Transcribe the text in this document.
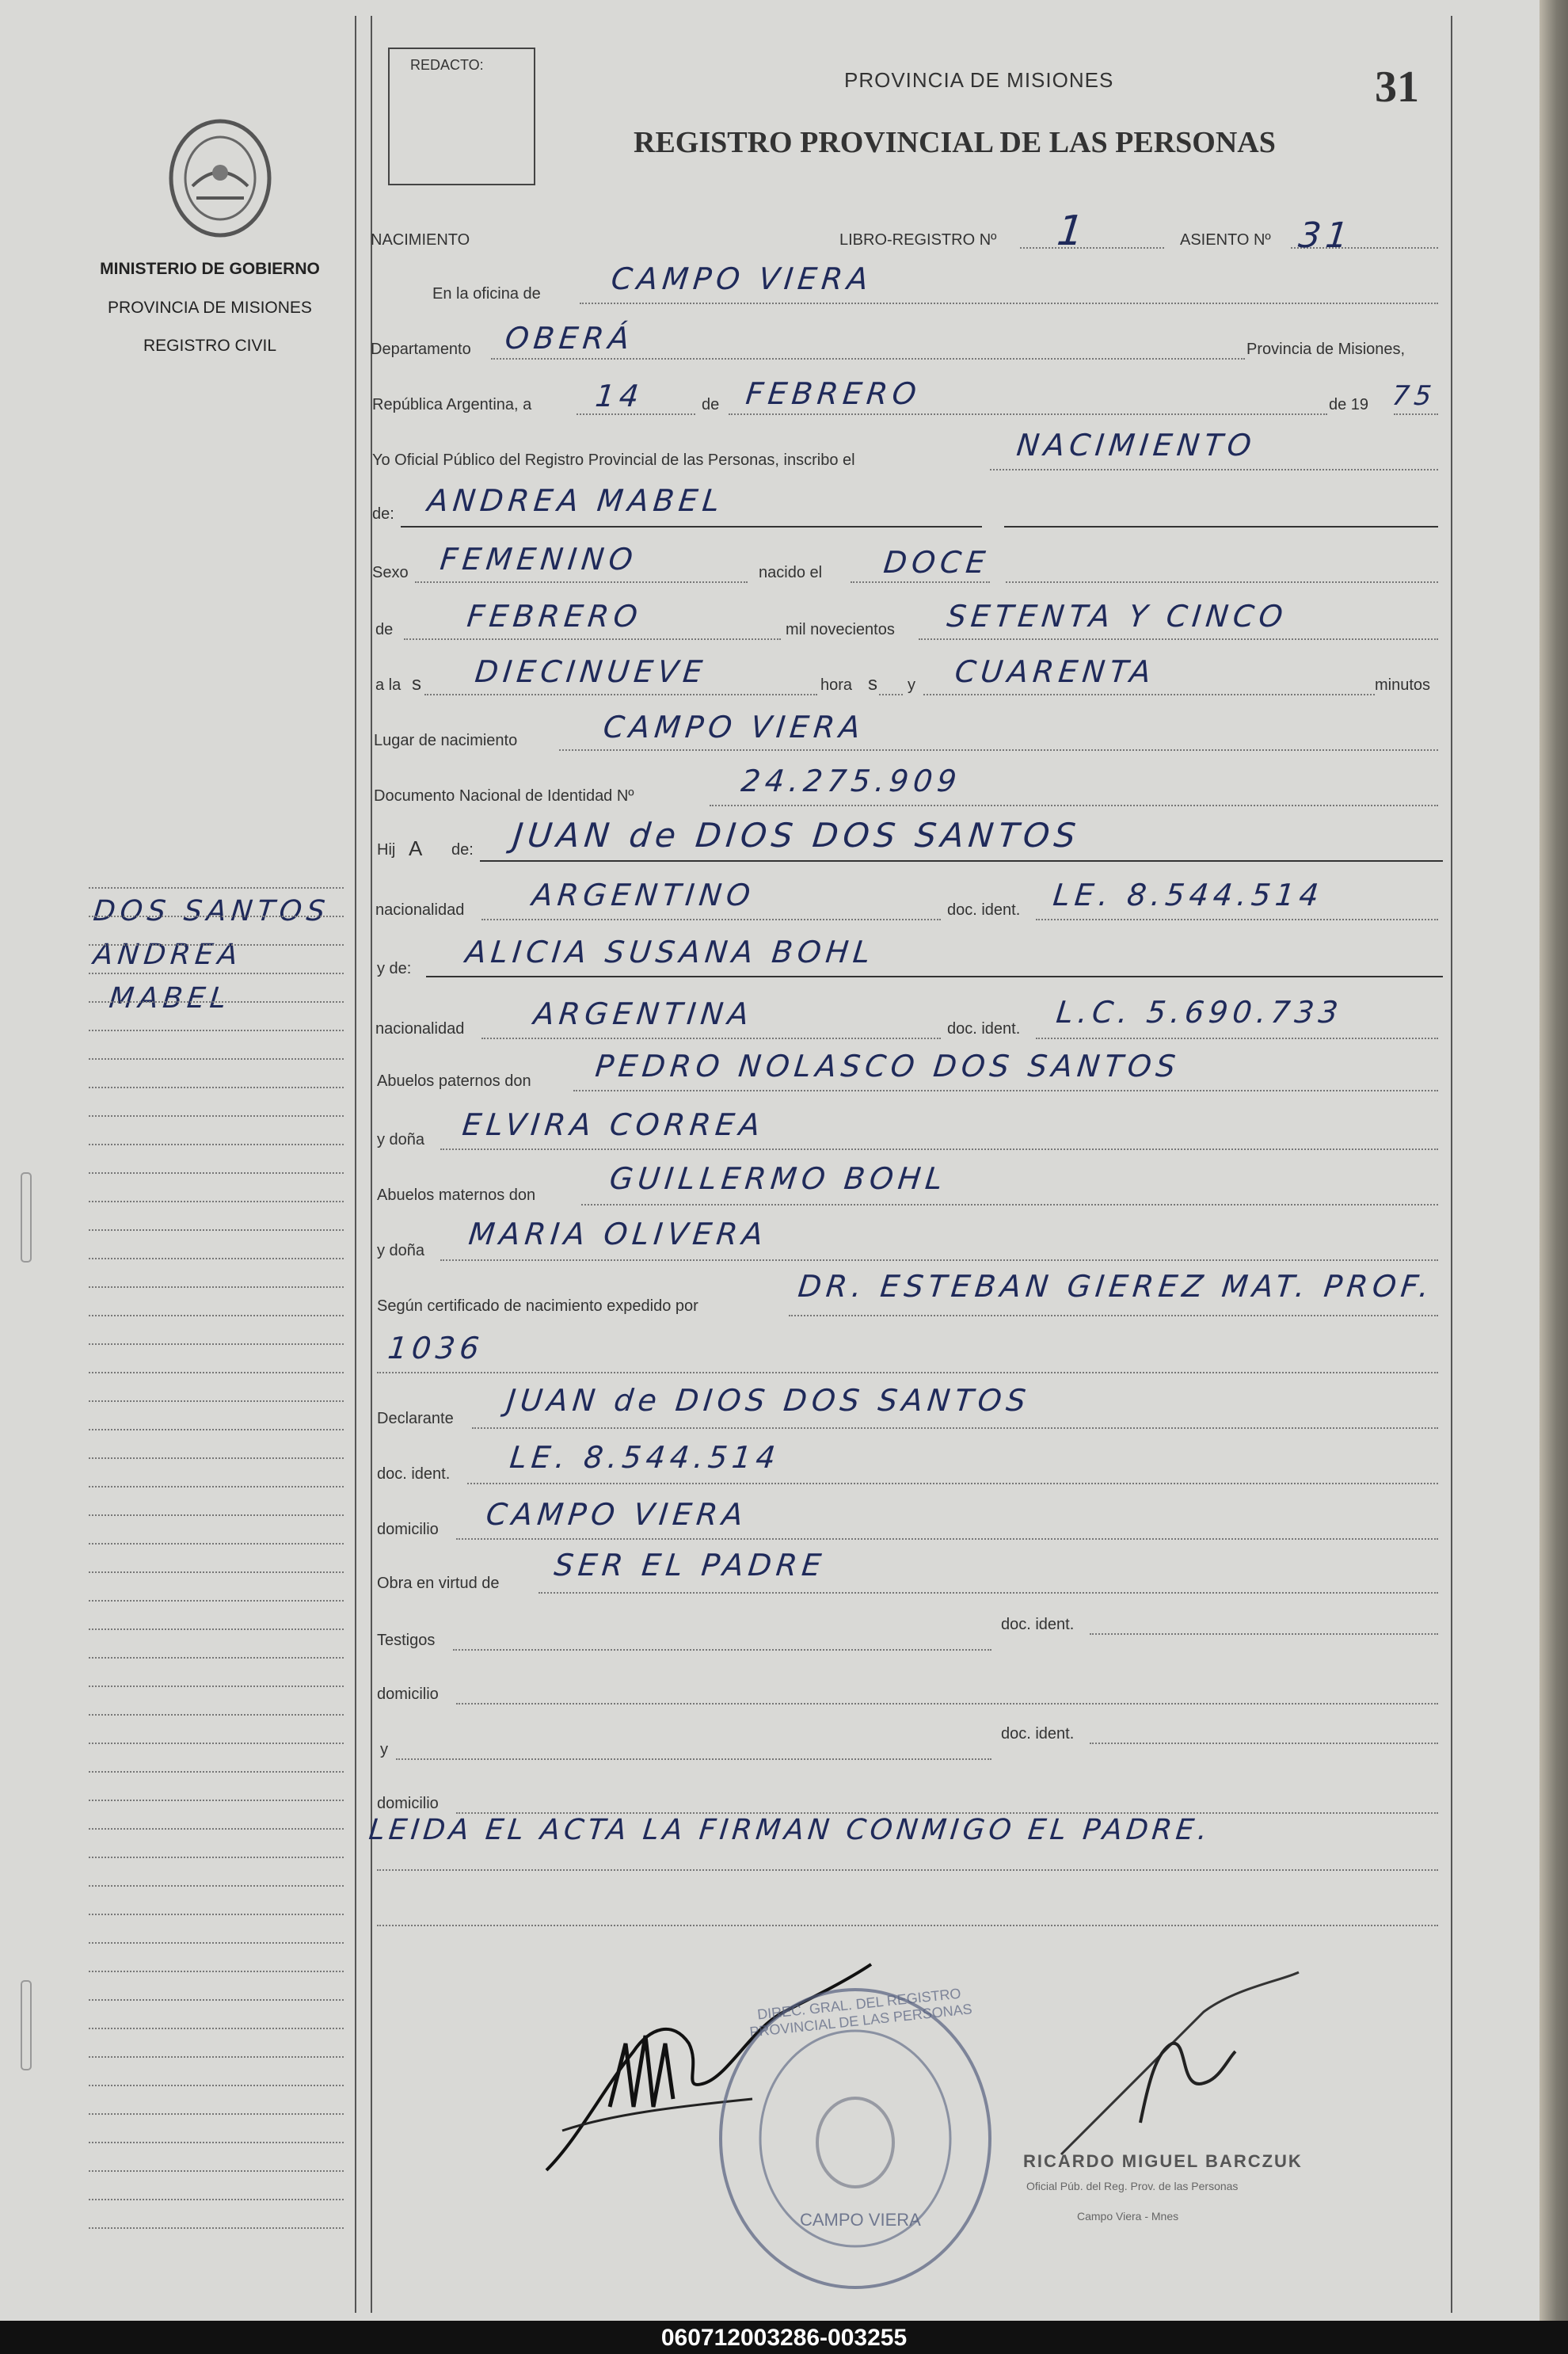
MINISTERIO DE GOBIERNO
PROVINCIA DE MISIONES
REGISTRO CIVIL
DOS SANTOS
ANDREA
MABEL
REDACTO:
PROVINCIA DE MISIONES
REGISTRO PROVINCIAL DE LAS PERSONAS
31
NACIMIENTO	LIBRO-REGISTRO Nº 1	ASIENTO Nº 31
En la oficina de CAMPO VIERA
Departamento OBERÁ	Provincia de Misiones,
República Argentina, a 14	de FEBRERO	de 19 75
Yo Oficial Público del Registro Provincial de las Personas, inscribo el	NACIMIENTO
de: ANDREA MABEL
Sexo FEMENINO	nacido el DOCE
de FEBRERO	mil novecientos SETENTA Y CINCO
a la s DIECINUEVE	hora s y CUARENTA	minutos
Lugar de nacimiento	CAMPO VIERA
Documento Nacional de Identidad Nº	24.275.909
Hij A de: JUAN de DIOS DOS SANTOS
nacionalidad ARGENTINO	doc. ident. LE. 8.544.514
y de: ALICIA SUSANA BOHL
nacionalidad ARGENTINA	doc. ident. L.C. 5.690.733
Abuelos paternos don PEDRO NOLASCO DOS SANTOS
y doña ELVIRA CORREA
Abuelos maternos don GUILLERMO BOHL
y doña MARIA OLIVERA
Según certificado de nacimiento expedido por
DR. ESTEBAN GIEREZ MAT. PROF.
1036
Declarante
JUAN de DIOS DOS SANTOS
doc. ident. LE. 8.544.514
domicilio CAMPO VIERA
Obra en virtud de
SER EL PADRE
Testigos
doc. ident.
domicilio
y
doc. ident.
domicilio
LEIDA EL ACTA LA FIRMAN CONMIGO EL PADRE.
DIREC. GRAL. DEL REGISTRO PROVINCIAL DE LAS PERSONAS
CAMPO VIERA
RICARDO MIGUEL BARCZUK
Oficial Púb. del Reg. Prov. de las Personas
Campo Viera - Mnes
060712003286-003255
